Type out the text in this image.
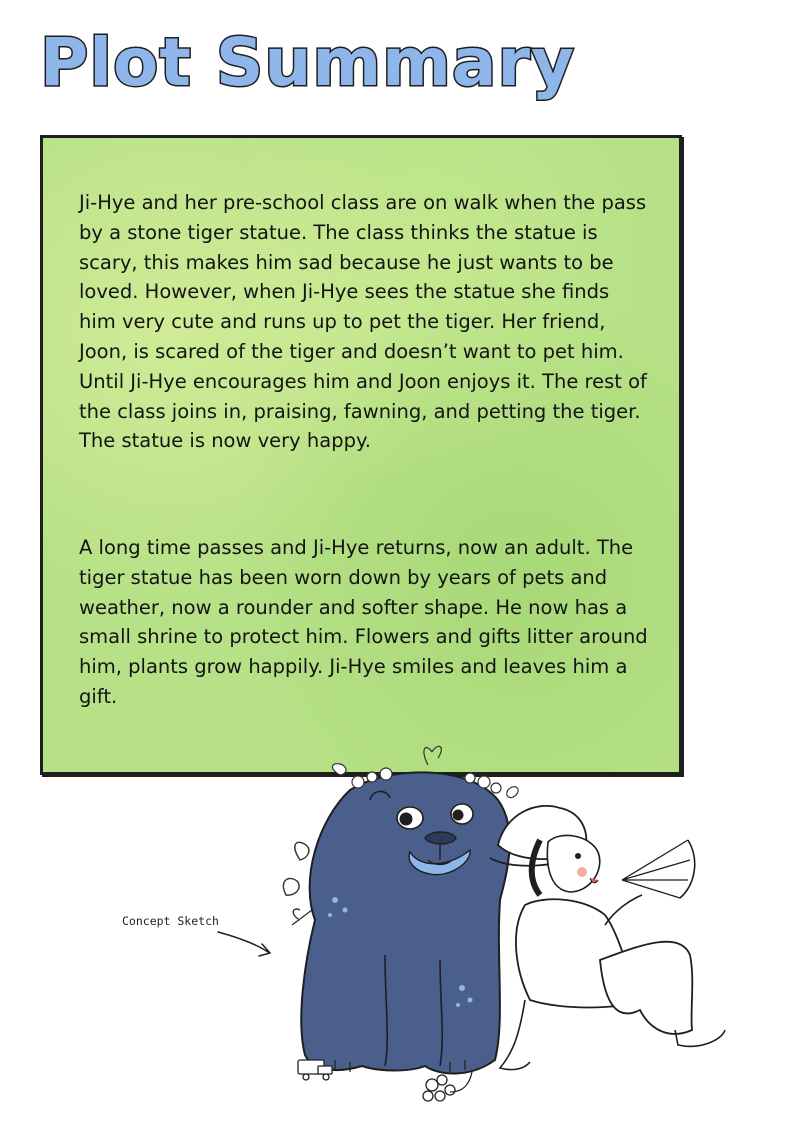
Plot Summary

Ji-Hye and her pre-school class are on walk when the pass by a stone tiger statue. The class thinks the statue is scary, this makes him sad because he just wants to be loved. However, when Ji-Hye sees the statue she finds him very cute and runs up to pet the tiger. Her friend, Joon, is scared of the tiger and doesn’t want to pet him. Until Ji-Hye encourages him and Joon enjoys it. The rest of the class joins in, praising, fawning, and petting the tiger. The statue is now very happy.

A long time passes and Ji-Hye returns, now an adult. The tiger statue has been worn down by years of pets and weather, now a rounder and softer shape. He now has a small shrine to protect him. Flowers and gifts litter around him, plants grow happily. Ji-Hye smiles and leaves him a gift.

Concept Sketch
